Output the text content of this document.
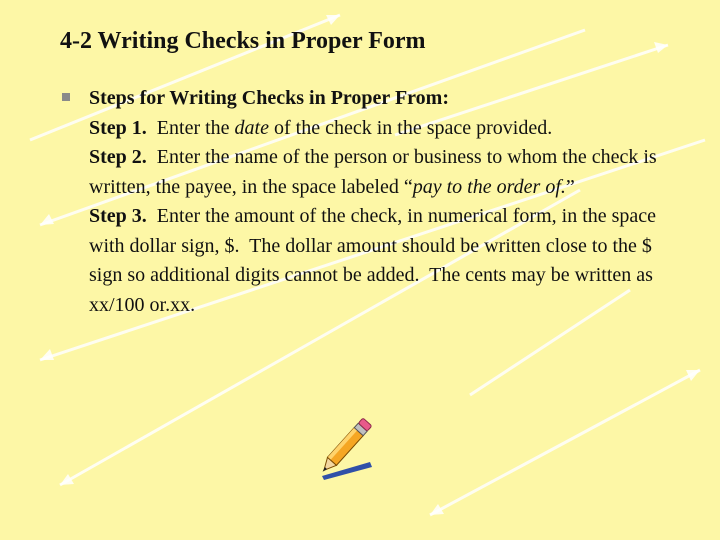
4-2 Writing Checks in Proper Form

Steps for Writing Checks in Proper From:

Step 1.  Enter the date of the check in the space provided.

Step 2.  Enter the name of the person or business to whom the check is written, the payee, in the space labeled “pay to the order of.”

Step 3.  Enter the amount of the check, in numerical form, in the space with dollar sign, $.  The dollar amount should be written close to the $ sign so additional digits cannot be added.  The cents may be written as xx/100 or.xx.
